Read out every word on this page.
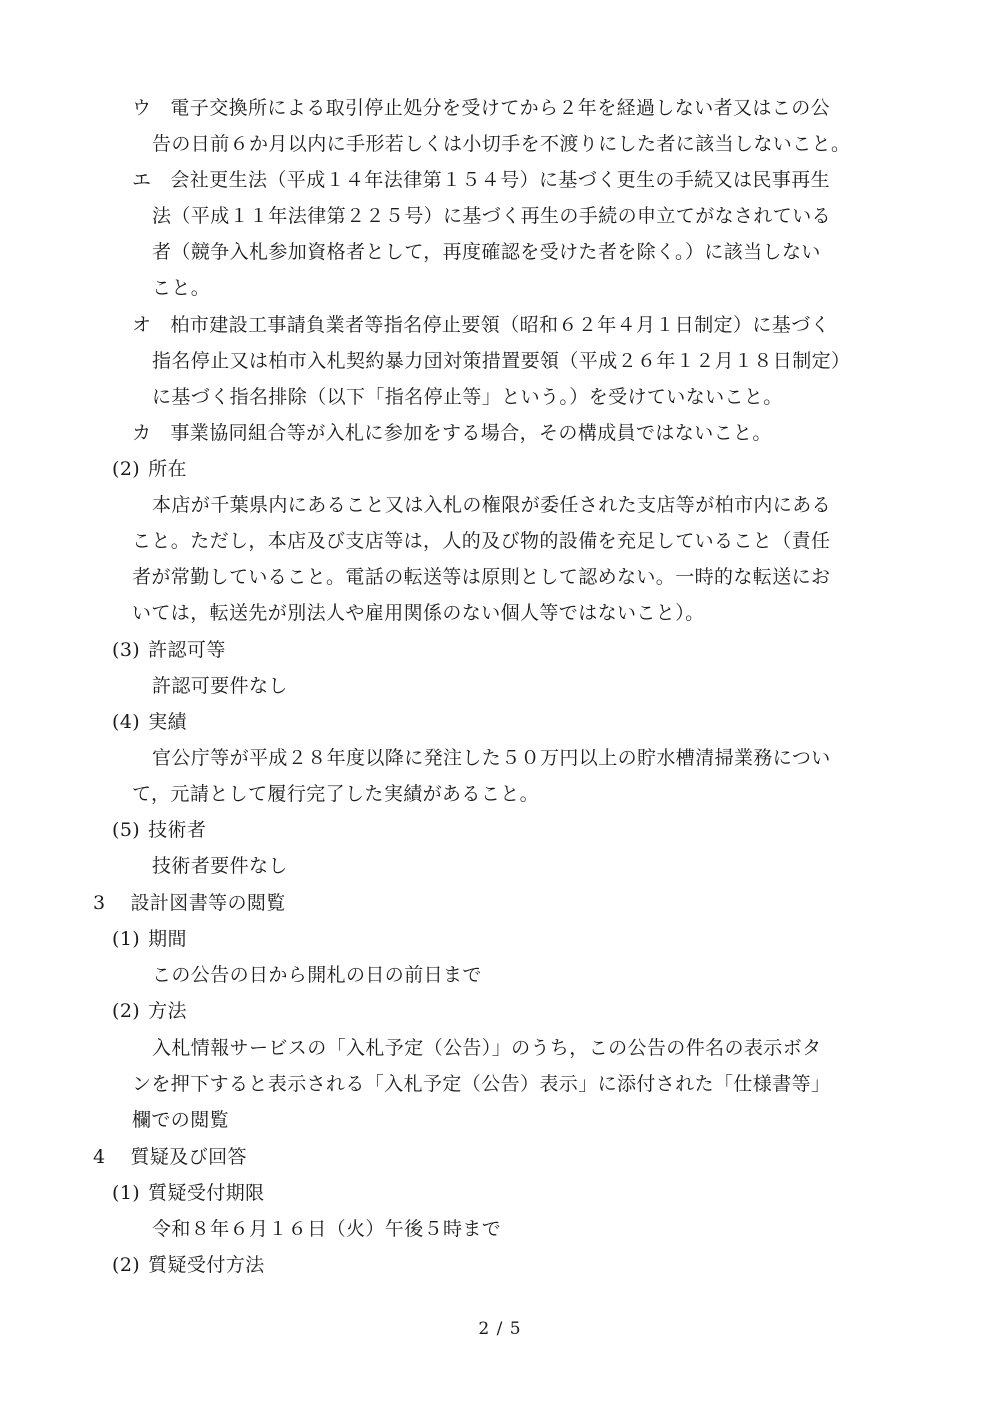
ウ 電子交換所による取引停止処分を受けてから２年を経過しない者又はこの公
告の日前６か月以内に手形若しくは小切手を不渡りにした者に該当しないこと。
エ 会社更生法（平成１４年法律第１５４号）に基づく更生の手続又は民事再生
法（平成１１年法律第２２５号）に基づく再生の手続の申立てがなされている
者（競争入札参加資格者として，再度確認を受けた者を除く。）に該当しない
こと。
オ 柏市建設工事請負業者等指名停止要領（昭和６２年４月１日制定）に基づく
指名停止又は柏市入札契約暴力団対策措置要領（平成２６年１２月１８日制定）
に基づく指名排除（以下「指名停止等」という。）を受けていないこと。
カ 事業協同組合等が入札に参加をする場合，その構成員ではないこと。
(2) 所在
本店が千葉県内にあること又は入札の権限が委任された支店等が柏市内にある
こと。ただし，本店及び支店等は，人的及び物的設備を充足していること（責任
者が常勤していること。電話の転送等は原則として認めない。一時的な転送にお
いては，転送先が別法人や雇用関係のない個人等ではないこと）。
(3) 許認可等
許認可要件なし
(4) 実績
官公庁等が平成２８年度以降に発注した５０万円以上の貯水槽清掃業務につい
て，元請として履行完了した実績があること。
(5) 技術者
技術者要件なし
3 設計図書等の閲覧
(1) 期間
この公告の日から開札の日の前日まで
(2) 方法
入札情報サービスの「入札予定（公告）」のうち，この公告の件名の表示ボタ
ンを押下すると表示される「入札予定（公告）表示」に添付された「仕様書等」
欄での閲覧
4 質疑及び回答
(1) 質疑受付期限
令和８年６月１６日（火）午後５時まで
(2) 質疑受付方法
2 / 5
